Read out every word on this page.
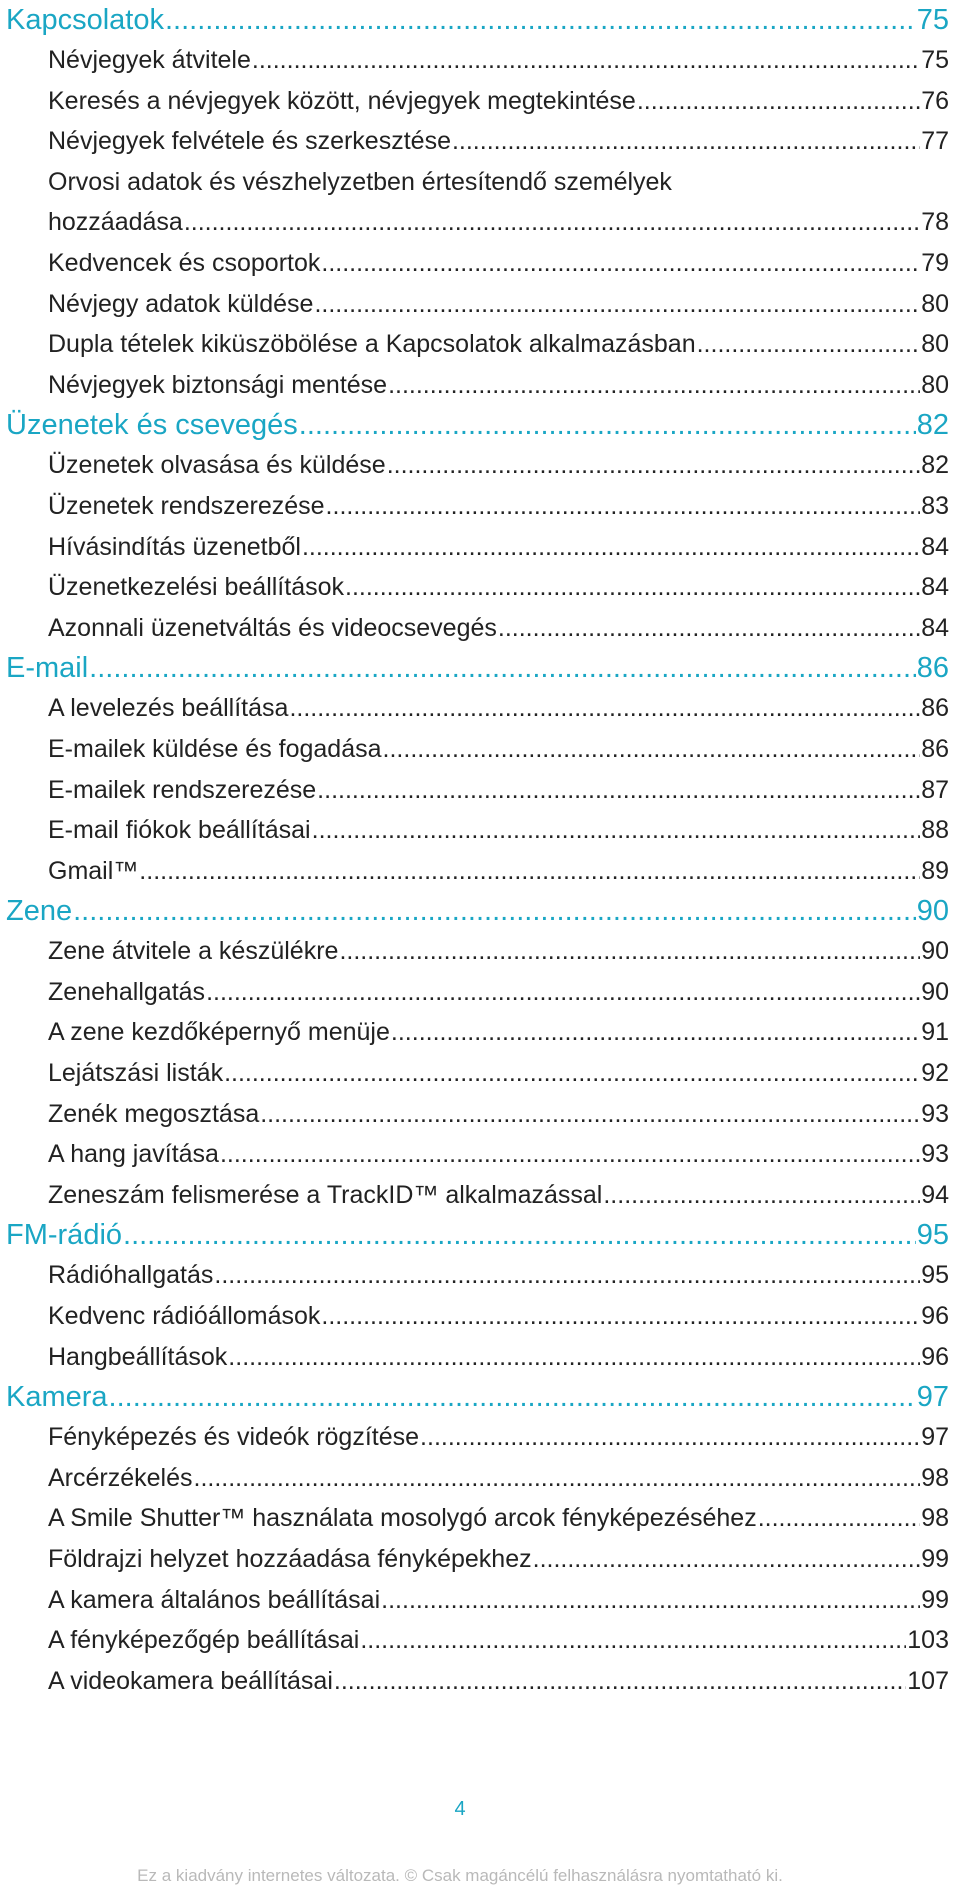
Kapcsolatok .....	75
Névjegyek átvitele .....	75
Keresés a névjegyek között, névjegyek megtekintése .....	76
Névjegyek felvétele és szerkesztése .....	77
Orvosi adatok és vészhelyzetben értesítendő személyek
hozzáadása .....	78
Kedvencek és csoportok .....	79
Névjegy adatok küldése .....	80
Dupla tételek kiküszöbölése a Kapcsolatok alkalmazásban .....	80
Névjegyek biztonsági mentése .....	80
Üzenetek és csevegés .....	82
Üzenetek olvasása és küldése .....	82
Üzenetek rendszerezése .....	83
Hívásindítás üzenetből .....	84
Üzenetkezelési beállítások .....	84
Azonnali üzenetváltás és videocsevegés .....	84
E-mail .....	86
A levelezés beállítása .....	86
E-mailek küldése és fogadása .....	86
E-mailek rendszerezése .....	87
E-mail fiókok beállításai .....	88
Gmail™ .....	89
Zene .....	90
Zene átvitele a készülékre .....	90
Zenehallgatás .....	90
A zene kezdőképernyő menüje .....	91
Lejátszási listák .....	92
Zenék megosztása .....	93
A hang javítása .....	93
Zeneszám felismerése a TrackID™ alkalmazással .....	94
FM-rádió .....	95
Rádióhallgatás .....	95
Kedvenc rádióállomások .....	96
Hangbeállítások .....	96
Kamera .....	97
Fényképezés és videók rögzítése .....	97
Arcérzékelés .....	98
A Smile Shutter™ használata mosolygó arcok fényképezéséhez .....	98
Földrajzi helyzet hozzáadása fényképekhez .....	99
A kamera általános beállításai .....	99
A fényképezőgép beállításai .....	103
A videokamera beállításai .....	107
4
Ez a kiadvány internetes változata. © Csak magáncélú felhasználásra nyomtatható ki.
